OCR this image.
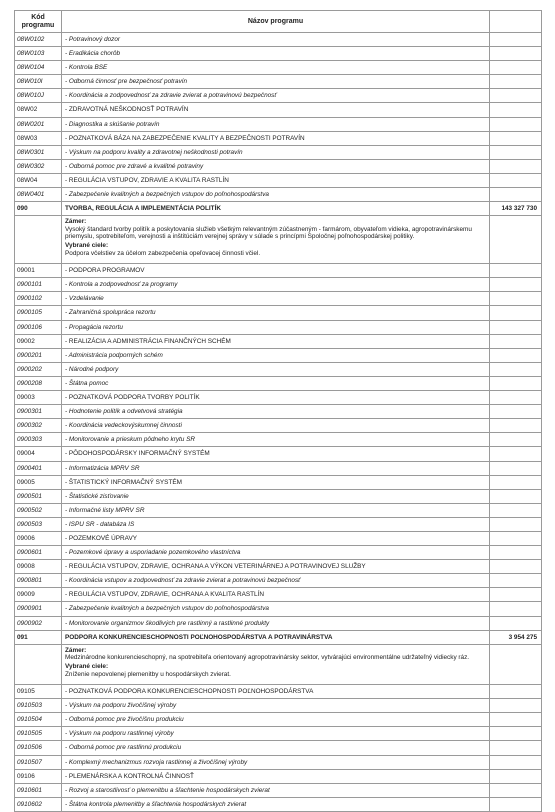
Kód programu	Názov programu	
08W0102	- Potravinový dozor	
08W0103	- Eradikácia chorôb	
08W0104	- Kontrola BSE	
08W010I	- Odborná činnosť pre bezpečnosť potravín	
08W010J	- Koordinácia a zodpovednosť za zdravie zvierat a potravinovú bezpečnosť	
08W02	- ZDRAVOTNÁ NEŠKODNOSŤ POTRAVÍN	
08W0201	- Diagnostika a skúšanie potravín	
08W03	- POZNATKOVÁ BÁZA NA ZABEZPEČENIE KVALITY A BEZPEČNOSTI POTRAVÍN	
08W0301	- Výskum na podporu kvality a zdravotnej neškodnosti potravín	
08W0302	- Odborná pomoc pre zdravé a kvalitné potraviny	
08W04	- REGULÁCIA VSTUPOV, ZDRAVIE A KVALITA RASTLÍN	
08W0401	- Zabezpečenie kvalitných a bezpečných vstupov do poľnohospodárstva	
090	TVORBA, REGULÁCIA A IMPLEMENTÁCIA POLITÍK	143 327 730

	Zámer:
Vysoký štandard tvorby politík a poskytovania služieb všetkým relevantným zúčastneným - farmárom, obyvateľom vidieka, agropotravinárskemu priemyslu, spotrebiteľom, verejnosti a inštitúciám verejnej správy v súlade s princípmi Spoločnej poľnohospodárskej politiky.
Vybrané ciele:
Podpora včelstiev za účelom zabezpečenia opeľovacej činnosti včiel.	

09001	- PODPORA PROGRAMOV	
0900101	- Kontrola a zodpovednosť za programy	
0900102	- Vzdelávanie	
0900105	- Zahraničná spolupráca rezortu	
0900106	- Propagácia rezortu	
09002	- REALIZÁCIA A ADMINISTRÁCIA FINANČNÝCH SCHÉM	
0900201	- Administrácia podporných schém	
0900202	- Národné podpory	
0900208	- Štátna pomoc	
09003	- POZNATKOVÁ PODPORA TVORBY POLITÍK	
0900301	- Hodnotenie politík a odvetvová stratégia	
0900302	- Koordinácia vedeckovýskumnej činnosti	
0900303	- Monitorovanie a prieskum pôdneho krytu SR	
09004	- PÔDOHOSPODÁRSKY INFORMAČNÝ SYSTÉM	
0900401	- Informatizácia MPRV SR	
09005	- ŠTATISTICKÝ INFORMAČNÝ SYSTÉM	
0900501	- Štatistické zisťovanie	
0900502	- Informačné listy MPRV SR	
0900503	- ISPU SR - databáza IS	
09006	- POZEMKOVÉ ÚPRAVY	
0900601	- Pozemkové úpravy a usporiadanie pozemkového vlastníctva	
09008	- REGULÁCIA VSTUPOV, ZDRAVIE, OCHRANA A VÝKON VETERINÁRNEJ A POTRAVINOVEJ SLUŽBY	
0900801	- Koordinácia vstupov a zodpovednosť za zdravie zvierat a potravinovú bezpečnosť	
09009	- REGULÁCIA VSTUPOV, ZDRAVIE, OCHRANA A KVALITA RASTLÍN	
0900901	- Zabezpečenie kvalitných a bezpečných vstupov do poľnohospodárstva	
0900902	- Monitorovanie organizmov škodlivých pre rastlinný a rastlinné produkty	
091	PODPORA KONKURENCIESCHOPNOSTI POĽNOHOSPODÁRSTVA A POTRAVINÁRSTVA	3 954 275

	Zámer:
Medzinárodne konkurencieschopný, na spotrebiteľa orientovaný agropotravinársky sektor, vytvárajúci environmentálne udržateľný vidiecky ráz.
Vybrané ciele:
Zníženie nepovolenej plemenitby u hospodárskych zvierat.	

09105	- POZNATKOVÁ PODPORA KONKURENCIESCHOPNOSTI POĽNOHOSPODÁRSTVA	
0910503	- Výskum na podporu živočíšnej výroby	
0910504	- Odborná pomoc pre živočíšnu produkciu	
0910505	- Výskum na podporu rastlinnej výroby	
0910506	- Odborná pomoc pre rastlinnú produkciu	
0910507	- Komplexný mechanizmus rozvoja rastlinnej a živočíšnej výroby	
09106	- PLEMENÁRSKA A KONTROLNÁ ČINNOSŤ	
0910601	- Rozvoj a starostlivosť o plemenitbu a šľachtenie hospodárskych zvierat	
0910602	- Štátna kontrola plemenitby a šľachtenia hospodárskych zvierat	
